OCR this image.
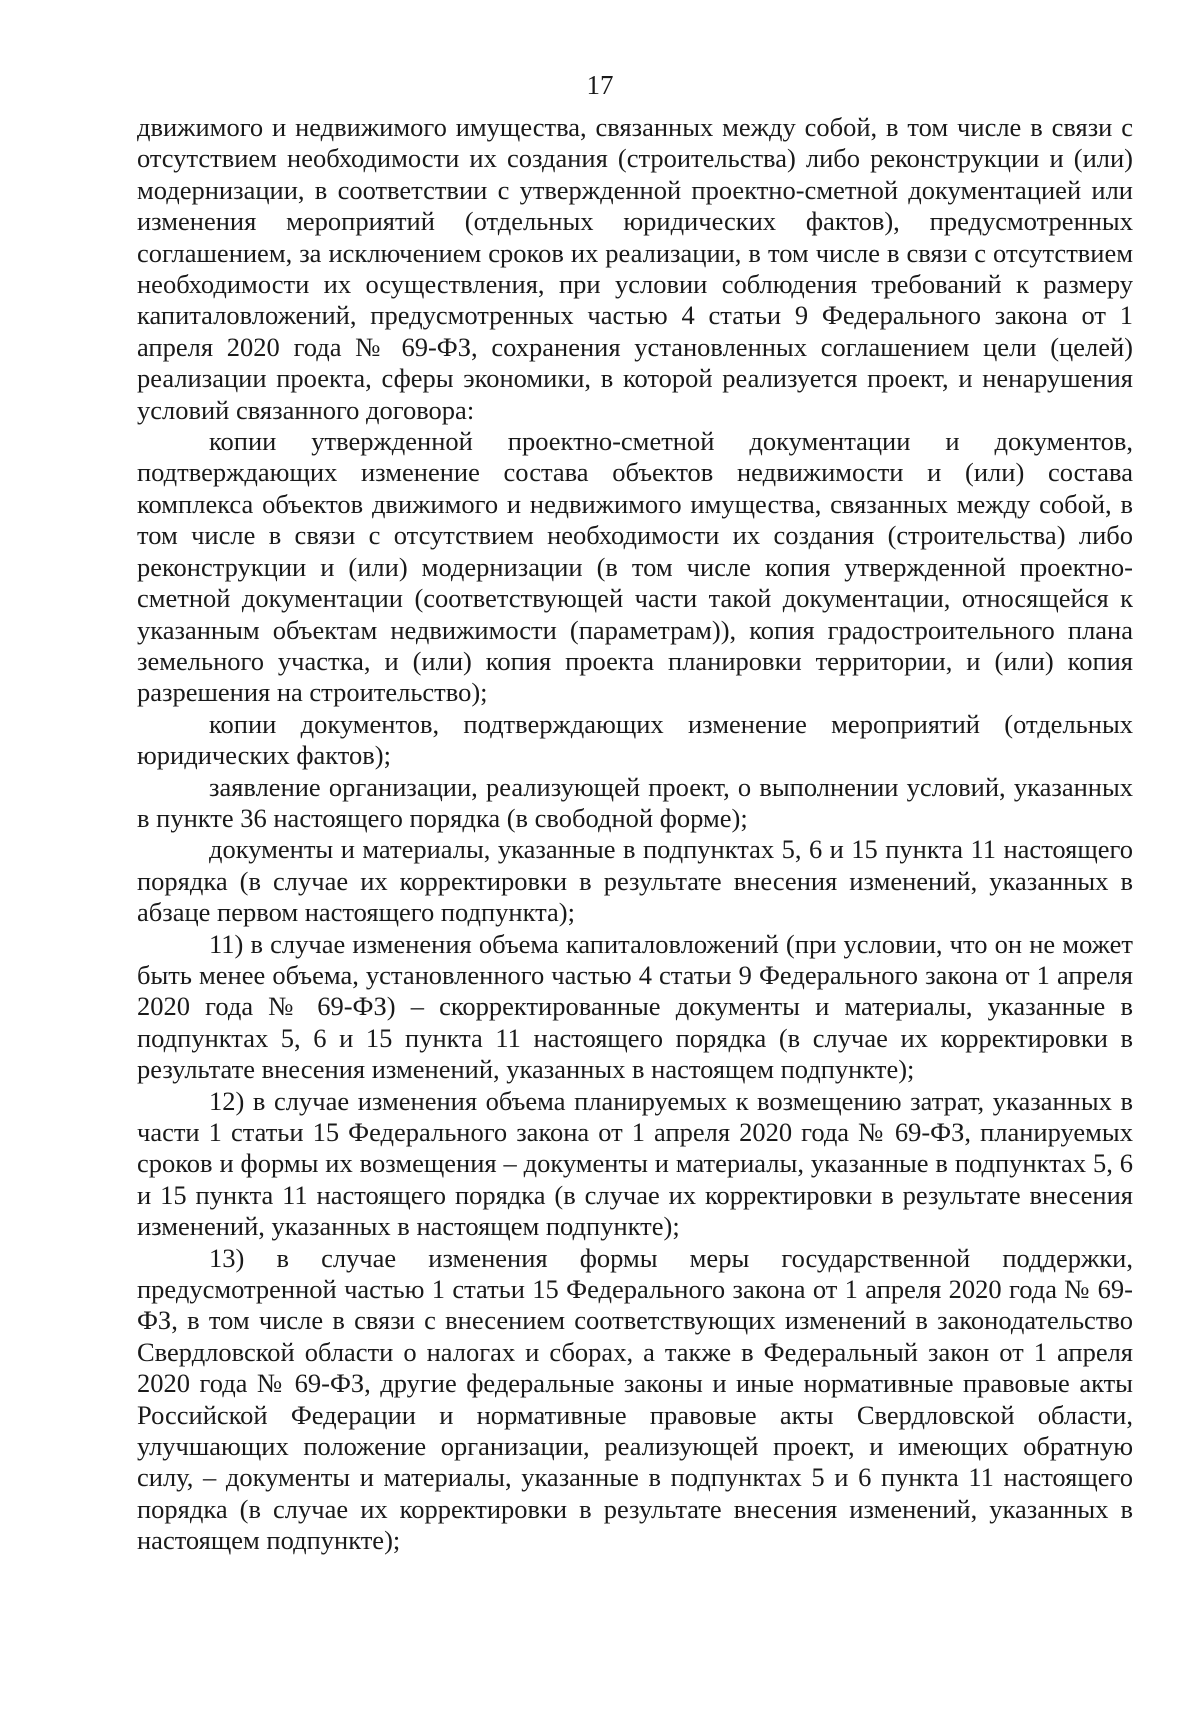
17

движимого и недвижимого имущества, связанных между собой, в том числе в связи с отсутствием необходимости их создания (строительства) либо реконструкции и (или) модернизации, в соответствии с утвержденной проектно-сметной документацией или изменения мероприятий (отдельных юридических фактов), предусмотренных соглашением, за исключением сроков их реализации, в том числе в связи с отсутствием необходимости их осуществления, при условии соблюдения требований к размеру капиталовложений, предусмотренных частью 4 статьи 9 Федерального закона от 1 апреля 2020 года № 69-ФЗ, сохранения установленных соглашением цели (целей) реализации проекта, сферы экономики, в которой реализуется проект, и ненарушения условий связанного договора:

копии утвержденной проектно-сметной документации и документов, подтверждающих изменение состава объектов недвижимости и (или) состава комплекса объектов движимого и недвижимого имущества, связанных между собой, в том числе в связи с отсутствием необходимости их создания (строительства) либо реконструкции и (или) модернизации (в том числе копия утвержденной проектно-сметной документации (соответствующей части такой документации, относящейся к указанным объектам недвижимости (параметрам)), копия градостроительного плана земельного участка, и (или) копия проекта планировки территории, и (или) копия разрешения на строительство);

копии документов, подтверждающих изменение мероприятий (отдельных юридических фактов);

заявление организации, реализующей проект, о выполнении условий, указанных в пункте 36 настоящего порядка (в свободной форме);

документы и материалы, указанные в подпунктах 5, 6 и 15 пункта 11 настоящего порядка (в случае их корректировки в результате внесения изменений, указанных в абзаце первом настоящего подпункта);

11) в случае изменения объема капиталовложений (при условии, что он не может быть менее объема, установленного частью 4 статьи 9 Федерального закона от 1 апреля 2020 года № 69-ФЗ) – скорректированные документы и материалы, указанные в подпунктах 5, 6 и 15 пункта 11 настоящего порядка (в случае их корректировки в результате внесения изменений, указанных в настоящем подпункте);

12) в случае изменения объема планируемых к возмещению затрат, указанных в части 1 статьи 15 Федерального закона от 1 апреля 2020 года № 69-ФЗ, планируемых сроков и формы их возмещения – документы и материалы, указанные в подпунктах 5, 6 и 15 пункта 11 настоящего порядка (в случае их корректировки в результате внесения изменений, указанных в настоящем подпункте);

13) в случае изменения формы меры государственной поддержки, предусмотренной частью 1 статьи 15 Федерального закона от 1 апреля 2020 года № 69-ФЗ, в том числе в связи с внесением соответствующих изменений в законодательство Свердловской области о налогах и сборах, а также в Федеральный закон от 1 апреля 2020 года № 69-ФЗ, другие федеральные законы и иные нормативные правовые акты Российской Федерации и нормативные правовые акты Свердловской области, улучшающих положение организации, реализующей проект, и имеющих обратную силу, – документы и материалы, указанные в подпунктах 5 и 6 пункта 11 настоящего порядка (в случае их корректировки в результате внесения изменений, указанных в настоящем подпункте);
